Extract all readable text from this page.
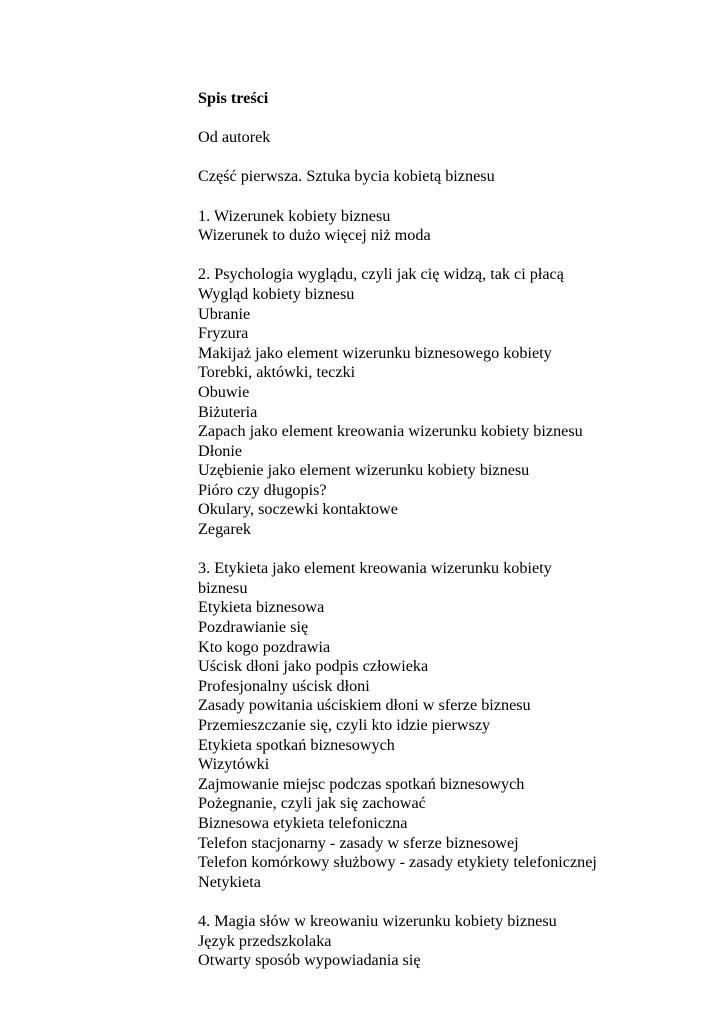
Spis treści

Od autorek

Część pierwsza. Sztuka bycia kobietą biznesu

1. Wizerunek kobiety biznesu

Wizerunek to dużo więcej niż moda

2. Psychologia wyglądu, czyli jak cię widzą, tak ci płacą

Wygląd kobiety biznesu

Ubranie

Fryzura

Makijaż jako element wizerunku biznesowego kobiety

Torebki, aktówki, teczki

Obuwie

Biżuteria

Zapach jako element kreowania wizerunku kobiety biznesu

Dłonie

Uzębienie jako element wizerunku kobiety biznesu

Pióro czy długopis?

Okulary, soczewki kontaktowe

Zegarek

3. Etykieta jako element kreowania wizerunku kobiety

biznesu

Etykieta biznesowa

Pozdrawianie się

Kto kogo pozdrawia

Uścisk dłoni jako podpis człowieka

Profesjonalny uścisk dłoni

Zasady powitania uściskiem dłoni w sferze biznesu

Przemieszczanie się, czyli kto idzie pierwszy

Etykieta spotkań biznesowych

Wizytówki

Zajmowanie miejsc podczas spotkań biznesowych

Pożegnanie, czyli jak się zachować

Biznesowa etykieta telefoniczna

Telefon stacjonarny - zasady w sferze biznesowej

Telefon komórkowy służbowy - zasady etykiety telefonicznej

Netykieta

4. Magia słów w kreowaniu wizerunku kobiety biznesu

Język przedszkolaka

Otwarty sposób wypowiadania się
